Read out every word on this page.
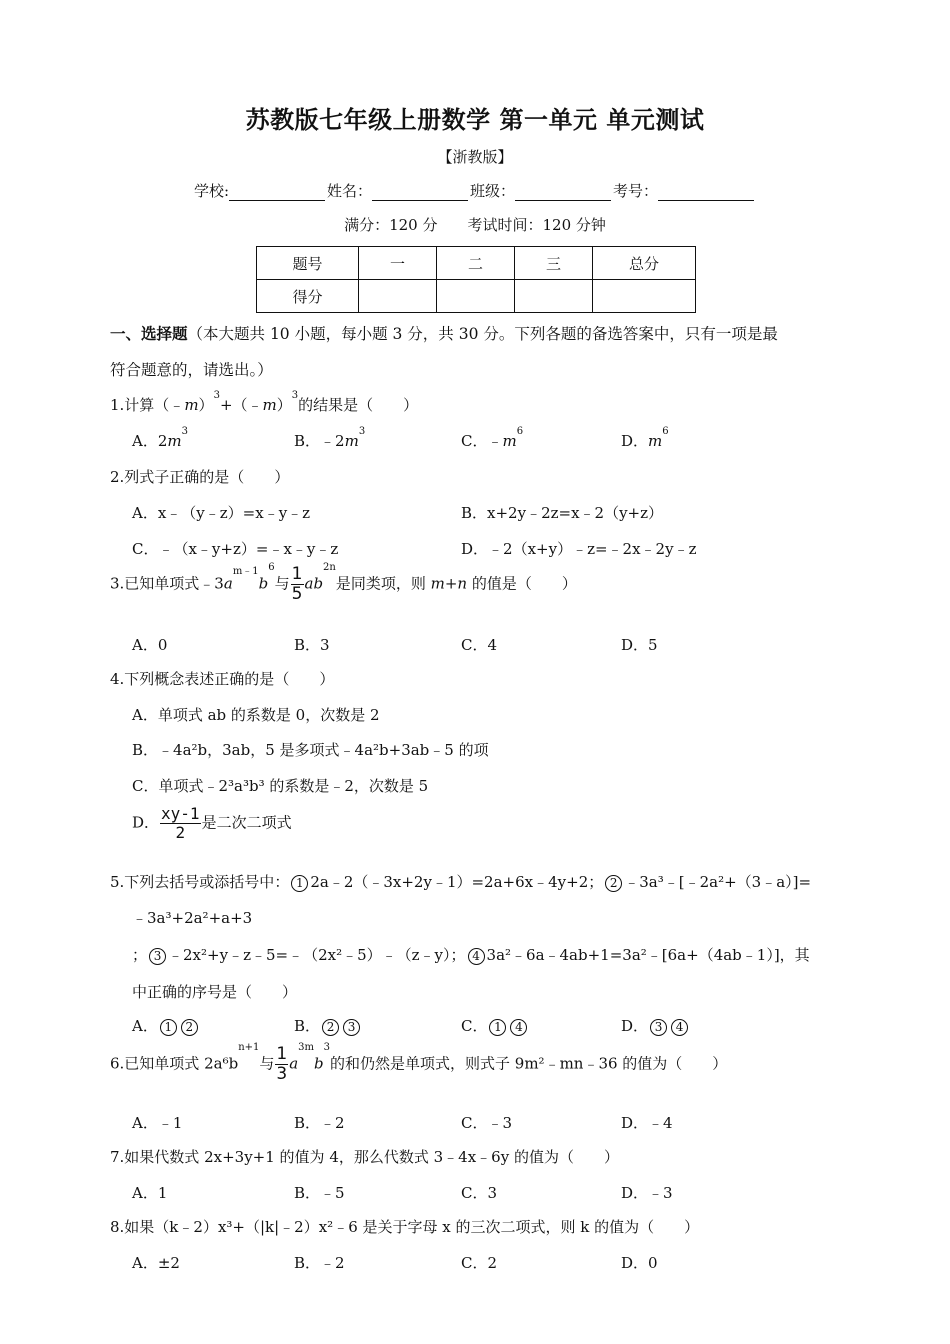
苏教版七年级上册数学 第一单元 单元测试
【浙教版】
学校:	姓名：	班级：	考号：
满分：120 分　　考试时间：120 分钟
题号	一	二	三	总分
得分				
一、选择题（本大题共 10 小题，每小题 3 分，共 30 分。下列各题的备选答案中，只有一项是最
符合题意的，请选出。）
1.计算（﹣m）$^3$+（﹣m）$^3$的结果是（　　）
A．$2m^3$
B．$﹣2m^3$
C．$﹣m^6$
D．$m^6$
2.列式子正确的是（　　）
A．x﹣（y﹣z）=x﹣y﹣z	B．x+2y﹣2z=x﹣2（y+z）
C．﹣（x﹣y+z）=﹣x﹣y﹣z	D．﹣2（x+y）﹣z=﹣2x﹣2y﹣z
3.已知单项式$﹣3a^{m﹣1}b^6$与 $\frac{1}{5} ab^{2n}$是同类项，则 m+n 的值是（　　）
A．0	B．3	C．4	D．5
4.下列概念表述正确的是（　　）
A．单项式 ab 的系数是 0，次数是 2
B．﹣4a²b，3ab，5 是多项式﹣4a²b+3ab﹣5 的项
C．单项式﹣2³a³b³ 的系数是﹣2，次数是 5
D． $\frac{xy-1}{2}$ 是二次二项式
5.下列去括号或添括号中： 1 2a﹣2（﹣3x+2y﹣1）=2a+6x﹣4y+2； 2 ﹣3a³﹣[﹣2a²+（3﹣a）]=
﹣3a³+2a²+a+3
； 3 ﹣2x²+y﹣z﹣5=﹣（2x²﹣5）﹣（z﹣y）； 4 3a²﹣6a﹣4ab+1=3a²﹣[6a+（4ab﹣1）]，其
中正确的序号是（　　）
A． 1 2	B． 2 3	C． 1 4	D． 3 4
6.已知单项式 $2a^6b^{n+1}$与 $\frac{1}{3} a^{3m}b^3$的和仍然是单项式，则式子 9m²﹣mn﹣36 的值为（　　）
A．﹣1	B．﹣2	C．﹣3	D．﹣4
7.如果代数式 2x+3y+1 的值为 4，那么代数式 3﹣4x﹣6y 的值为（　　）
A．1	B．﹣5	C．3	D．﹣3
8.如果（k﹣2）x³+（|k|﹣2）x²﹣6 是关于字母 x 的三次二项式，则 k 的值为（　　）
A．±2	B．﹣2	C．2	D．0
